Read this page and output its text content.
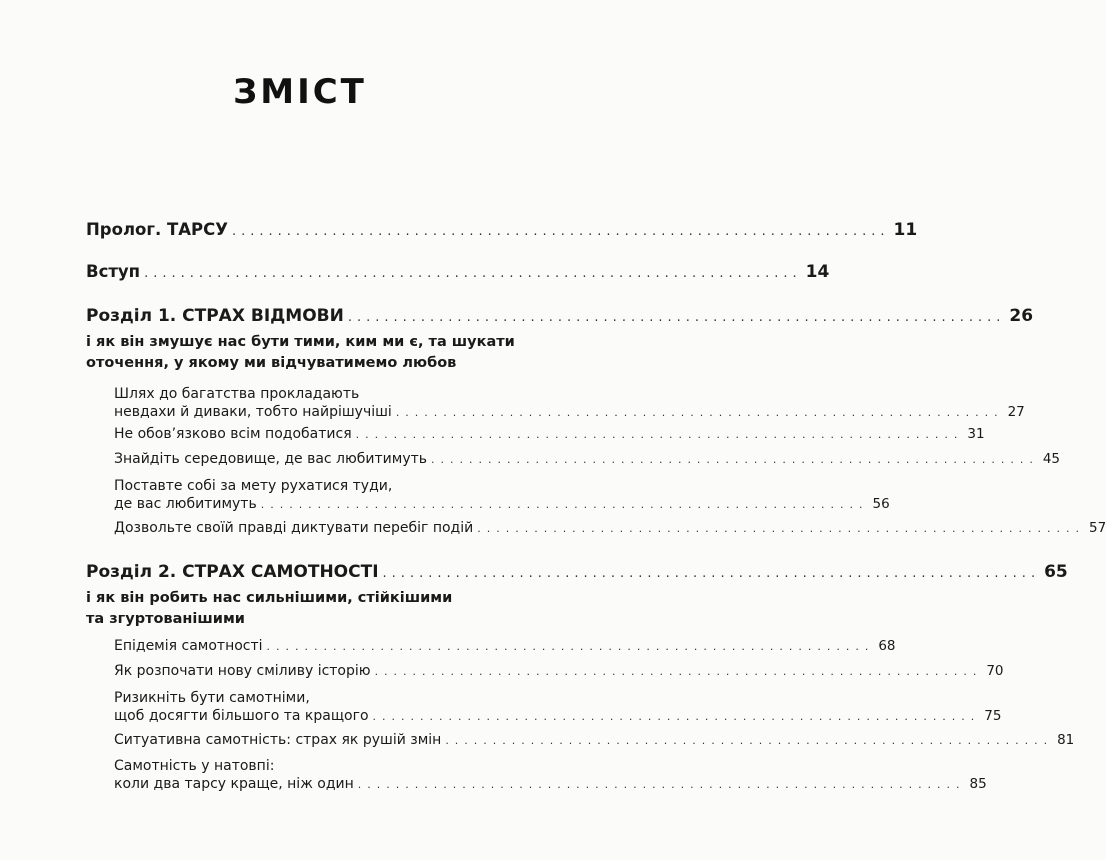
ЗМІСТ
Пролог. ТАРСУ ........................................................................ 11
Вступ ........................................................................ 14
Розділ 1. СТРАХ ВІДМОВИ ........................................................................ 26
і як він змушує нас бути тими, ким ми є, та шукати
оточення, у якому ми відчуватимемо любов
Шлях до багатства прокладають
невдахи й диваки, тобто найрішучіші ................................................................ 27
Не обов’язково всім подобатися ................................................................ 31
Знайдіть середовище, де вас любитимуть ................................................................ 45
Поставте собі за мету рухатися туди,
де вас любитимуть ................................................................ 56
Дозвольте своїй правді диктувати перебіг подій ................................................................ 57
Розділ 2. СТРАХ САМОТНОСТІ ........................................................................ 65
і як він робить нас сильнішими, стійкішими
та згуртованішими
Епідемія самотності ................................................................ 68
Як розпочати нову сміливу історію ................................................................ 70
Ризикніть бути самотніми,
щоб досягти більшого та кращого ................................................................ 75
Ситуативна самотність: страх як рушій змін ................................................................ 81
Самотність у натовпі:
коли два тарсу краще, ніж один ................................................................ 85
